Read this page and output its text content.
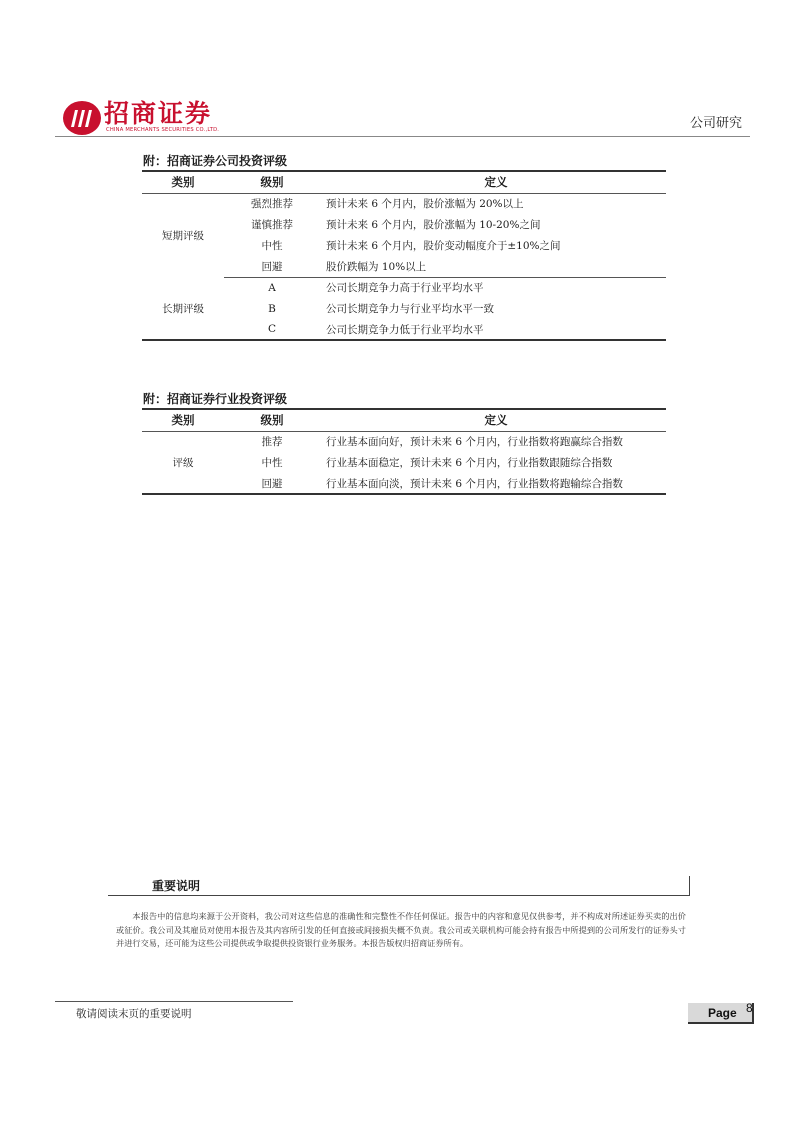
招商证券
CHINA MERCHANTS SECURITIES CO.,LTD.	公司研究
附：招商证券公司投资评级
类别	级别	定义
短期评级	强烈推荐	预计未来 6 个月内，股价涨幅为 20%以上
	谨慎推荐	预计未来 6 个月内，股价涨幅为 10-20%之间
	中性	预计未来 6 个月内，股价变动幅度介于±10%之间
	回避	股价跌幅为 10%以上
长期评级	A	公司长期竞争力高于行业平均水平
	B	公司长期竞争力与行业平均水平一致
	C	公司长期竞争力低于行业平均水平
附：招商证券行业投资评级
类别	级别	定义
评级	推荐	行业基本面向好，预计未来 6 个月内，行业指数将跑赢综合指数
	中性	行业基本面稳定，预计未来 6 个月内，行业指数跟随综合指数
	回避	行业基本面向淡，预计未来 6 个月内，行业指数将跑输综合指数
重要说明

本报告中的信息均来源于公开资料，我公司对这些信息的准确性和完整性不作任何保证。报告中的内容和意见仅供参考，并不构成对所述证券买卖的出价或征价。我公司及其雇员对使用本报告及其内容所引发的任何直接或间接损失概不负责。我公司或关联机构可能会持有报告中所提到的公司所发行的证券头寸并进行交易，还可能为这些公司提供或争取提供投资银行业务服务。本报告版权归招商证券所有。

敬请阅读末页的重要说明	Page 8
